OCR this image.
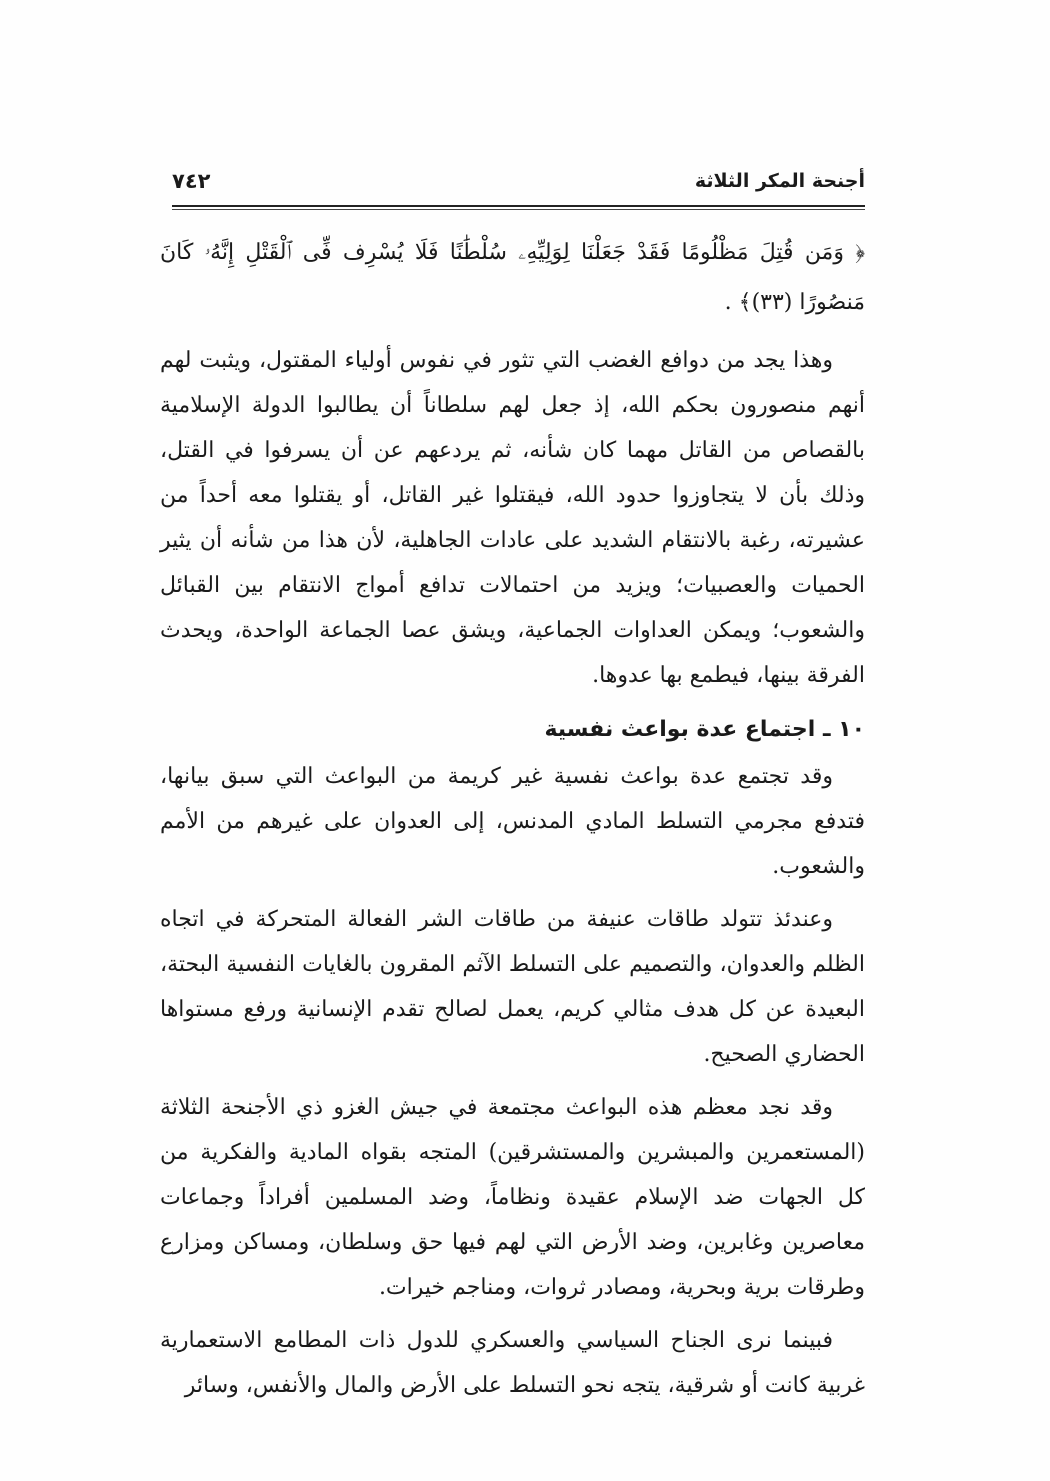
أجنحة المكر الثلاثة
٧٤٢

﴿ وَمَن قُتِلَ مَظْلُومًا فَقَدْ جَعَلْنَا لِوَلِيِّهِۦ سُلْطَٰنًا فَلَا يُسْرِف فِّى ٱلْقَتْلِ إِنَّهُۥ كَانَ مَنصُورًا (٣٣)﴾ .

وهذا يجد من دوافع الغضب التي تثور في نفوس أولياء المقتول، ويثبت لهم أنهم منصورون بحكم الله، إذ جعل لهم سلطاناً أن يطالبوا الدولة الإسلامية بالقصاص من القاتل مهما كان شأنه، ثم يردعهم عن أن يسرفوا في القتل، وذلك بأن لا يتجاوزوا حدود الله، فيقتلوا غير القاتل، أو يقتلوا معه أحداً من عشيرته، رغبة بالانتقام الشديد على عادات الجاهلية، لأن هذا من شأنه أن يثير الحميات والعصبيات؛ ويزيد من احتمالات تدافع أمواج الانتقام بين القبائل والشعوب؛ ويمكن العداوات الجماعية، ويشق عصا الجماعة الواحدة، ويحدث الفرقة بينها، فيطمع بها عدوها.

١٠ ـ اجتماع عدة بواعث نفسية

وقد تجتمع عدة بواعث نفسية غير كريمة من البواعث التي سبق بيانها، فتدفع مجرمي التسلط المادي المدنس، إلى العدوان على غيرهم من الأمم والشعوب.

وعندئذ تتولد طاقات عنيفة من طاقات الشر الفعالة المتحركة في اتجاه الظلم والعدوان، والتصميم على التسلط الآثم المقرون بالغايات النفسية البحتة، البعيدة عن كل هدف مثالي كريم، يعمل لصالح تقدم الإنسانية ورفع مستواها الحضاري الصحيح.

وقد نجد معظم هذه البواعث مجتمعة في جيش الغزو ذي الأجنحة الثلاثة (المستعمرين والمبشرين والمستشرقين) المتجه بقواه المادية والفكرية من كل الجهات ضد الإسلام عقيدة ونظاماً، وضد المسلمين أفراداً وجماعات معاصرين وغابرين، وضد الأرض التي لهم فيها حق وسلطان، ومساكن ومزارع وطرقات برية وبحرية، ومصادر ثروات، ومناجم خيرات.

فبينما نرى الجناح السياسي والعسكري للدول ذات المطامع الاستعمارية غربية كانت أو شرقية، يتجه نحو التسلط على الأرض والمال والأنفس، وسائر
